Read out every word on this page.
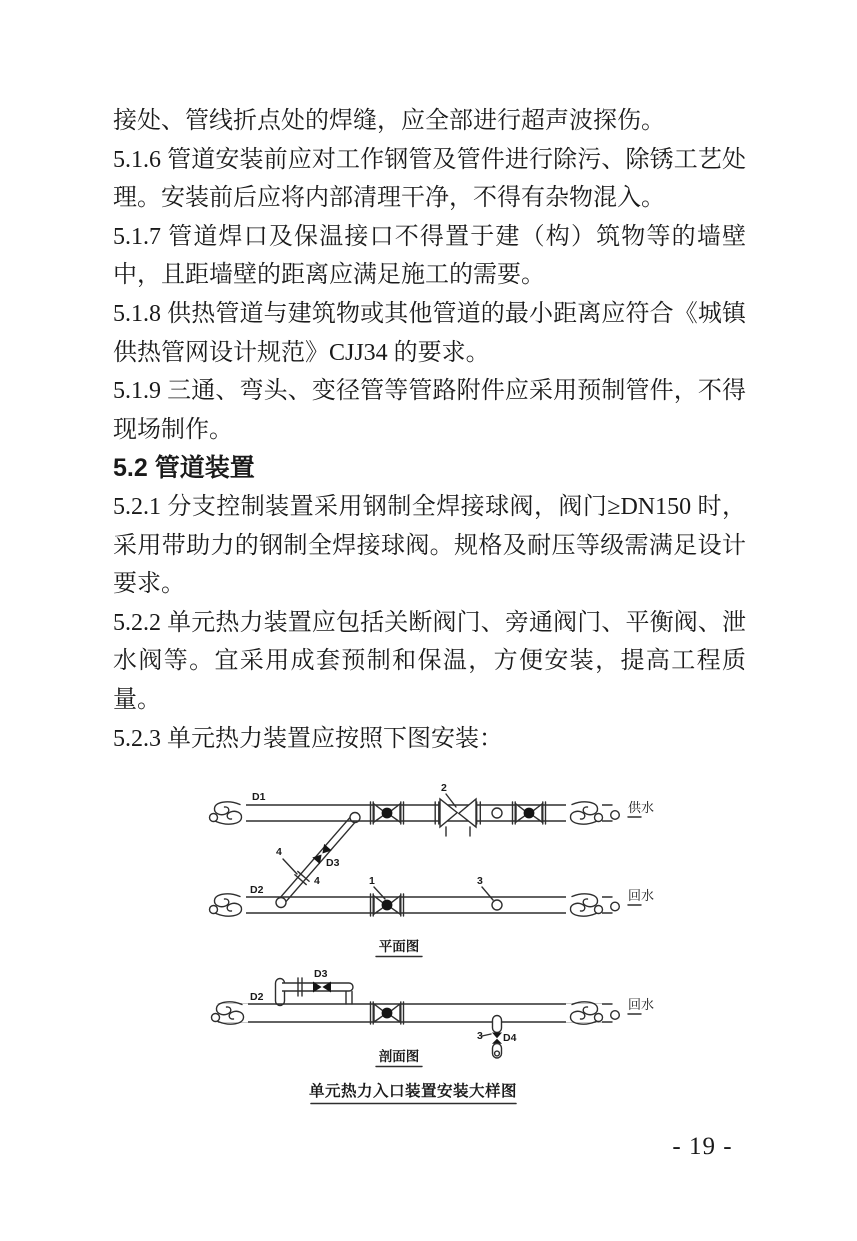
接处、管线折点处的焊缝，应全部进行超声波探伤。

5.1.6 管道安装前应对工作钢管及管件进行除污、除锈工艺处理。安装前后应将内部清理干净，不得有杂物混入。

5.1.7 管道焊口及保温接口不得置于建（构）筑物等的墙壁中，且距墙壁的距离应满足施工的需要。

5.1.8 供热管道与建筑物或其他管道的最小距离应符合《城镇供热管网设计规范》CJJ34 的要求。

5.1.9 三通、弯头、变径管等管路附件应采用预制管件，不得现场制作。

5.2 管道装置

5.2.1 分支控制装置采用钢制全焊接球阀，阀门≥DN150 时，采用带助力的钢制全焊接球阀。规格及耐压等级需满足设计要求。

5.2.2 单元热力装置应包括关断阀门、旁通阀门、平衡阀、泄水阀等。宜采用成套预制和保温，方便安装，提高工程质量。

5.2.3 单元热力装置应按照下图安装：

D1
D2
D3
2
1	3
4
4
供水
回水
平面图
D2
D3
3 D4
回水
剖面图
单元热力入口装置安装大样图
- 19 -
